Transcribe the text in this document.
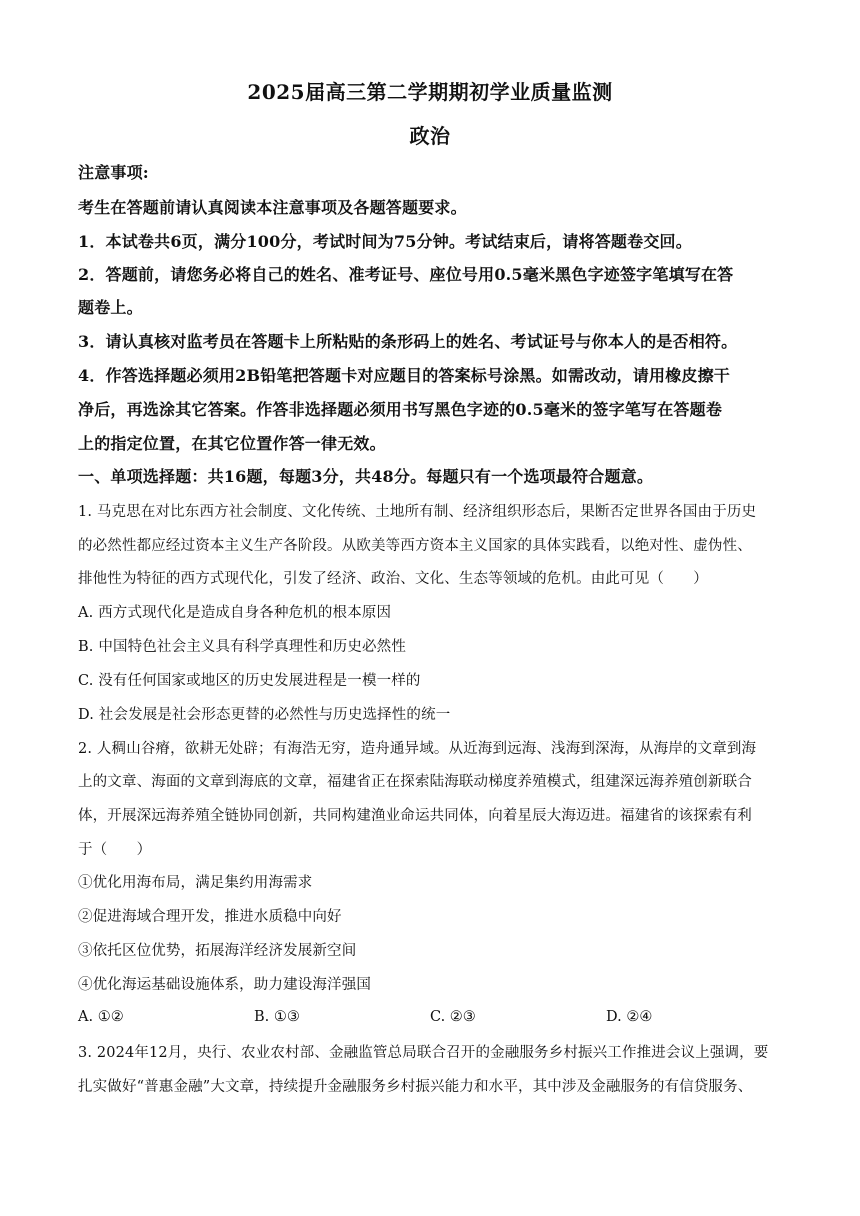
2025届高三第二学期期初学业质量监测
政治
注意事项:
考生在答题前请认真阅读本注意事项及各题答题要求。
1．本试卷共6页，满分100分，考试时间为75分钟。考试结束后，请将答题卷交回。
2．答题前，请您务必将自己的姓名、准考证号、座位号用0.5毫米黑色字迹签字笔填写在答
题卷上。
3．请认真核对监考员在答题卡上所粘贴的条形码上的姓名、考试证号与你本人的是否相符。
4．作答选择题必须用2B铅笔把答题卡对应题目的答案标号涂黑。如需改动，请用橡皮擦干
净后，再选涂其它答案。作答非选择题必须用书写黑色字迹的0.5毫米的签字笔写在答题卷
上的指定位置，在其它位置作答一律无效。
一、单项选择题：共16题，每题3分，共48分。每题只有一个选项最符合题意。
1. 马克思在对比东西方社会制度、文化传统、土地所有制、经济组织形态后，果断否定世界各国由于历史
的必然性都应经过资本主义生产各阶段。从欧美等西方资本主义国家的具体实践看，以绝对性、虚伪性、
排他性为特征的西方式现代化，引发了经济、政治、文化、生态等领域的危机。由此可见（　　）
A. 西方式现代化是造成自身各种危机的根本原因
B. 中国特色社会主义具有科学真理性和历史必然性
C. 没有任何国家或地区的历史发展进程是一模一样的
D. 社会发展是社会形态更替的必然性与历史选择性的统一
2. 人稠山谷瘠，欲耕无处辟；有海浩无穷，造舟通异域。从近海到远海、浅海到深海，从海岸的文章到海
上的文章、海面的文章到海底的文章，福建省正在探索陆海联动梯度养殖模式，组建深远海养殖创新联合
体，开展深远海养殖全链协同创新，共同构建渔业命运共同体，向着星辰大海迈进。福建省的该探索有利
于（　　）
①优化用海布局，满足集约用海需求
②促进海域合理开发，推进水质稳中向好
③依托区位优势，拓展海洋经济发展新空间
④优化海运基础设施体系，助力建设海洋强国
A. ①②	B. ①③	C. ②③	D. ②④
3. 2024年12月，央行、农业农村部、金融监管总局联合召开的金融服务乡村振兴工作推进会议上强调，要
扎实做好“普惠金融”大文章，持续提升金融服务乡村振兴能力和水平，其中涉及金融服务的有信贷服务、
